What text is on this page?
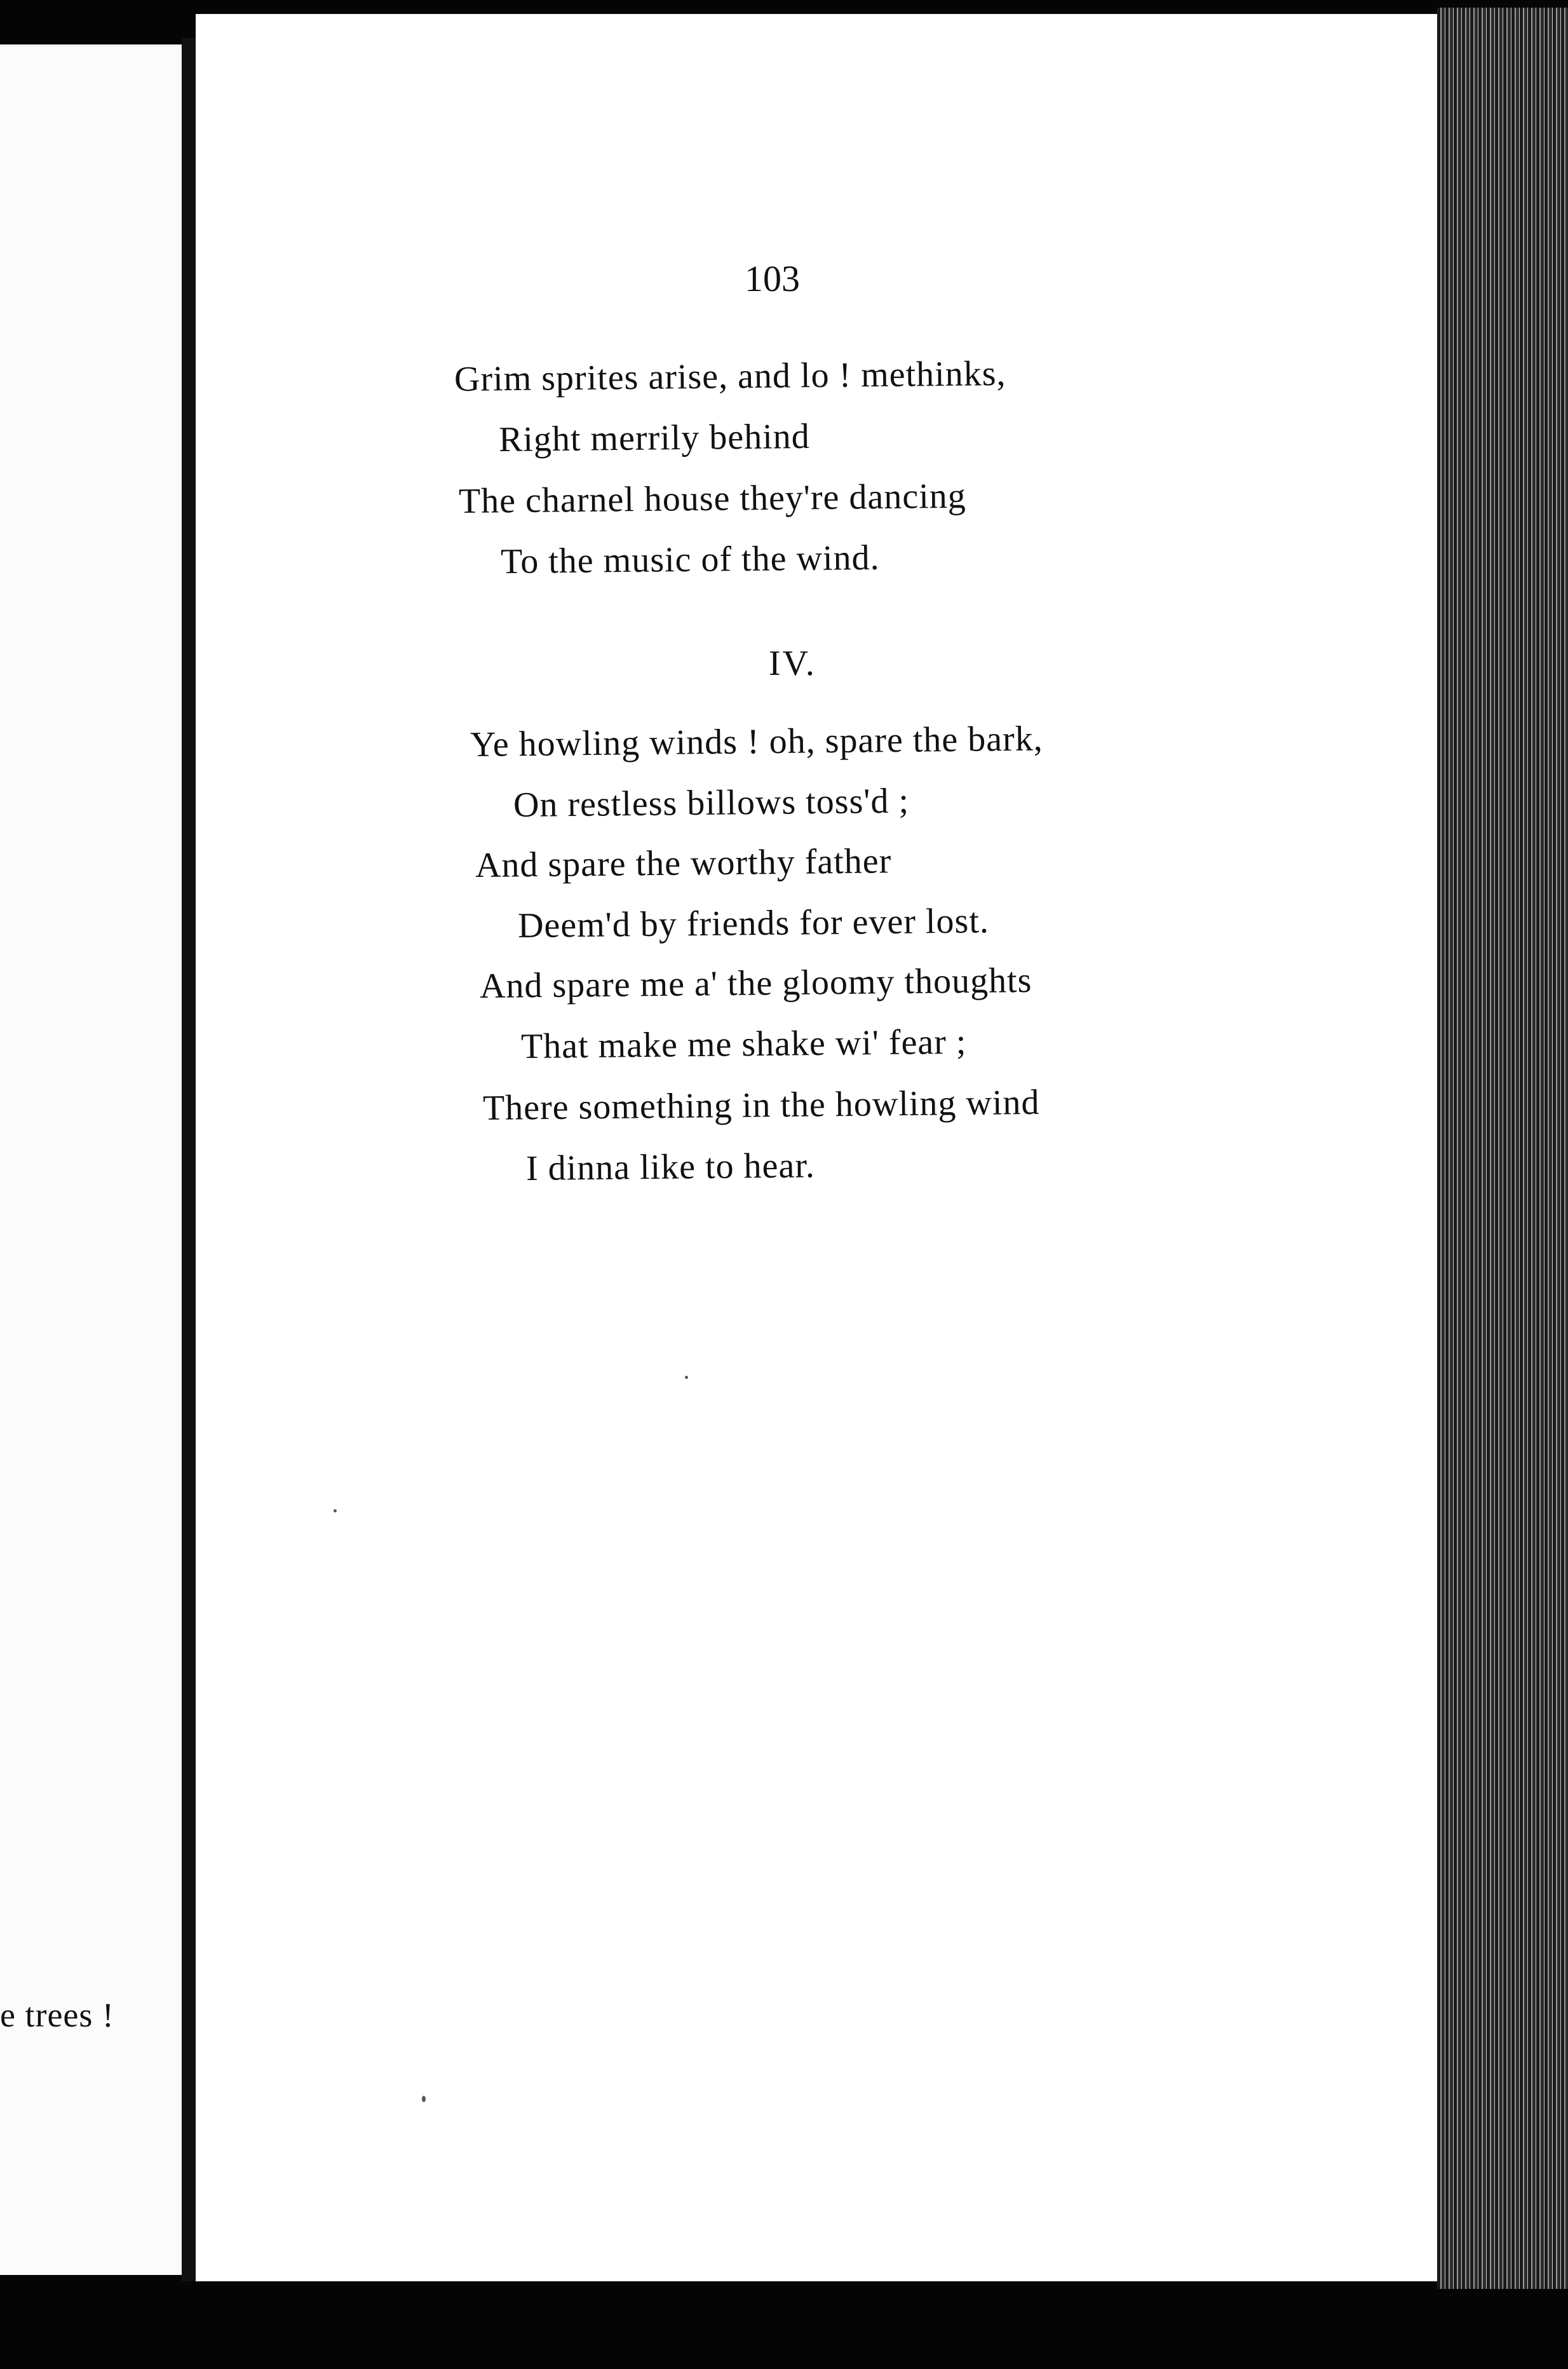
e trees !
103
Grim sprites arise, and lo ! methinks,
Right merrily behind
The charnel house they're dancing
To the music of the wind.
IV.
Ye howling winds ! oh, spare the bark,
On restless billows toss'd ;
And spare the worthy father
Deem'd by friends for ever lost.
And spare me a' the gloomy thoughts
That make me shake wi' fear ;
There something in the howling wind
I dinna like to hear.
